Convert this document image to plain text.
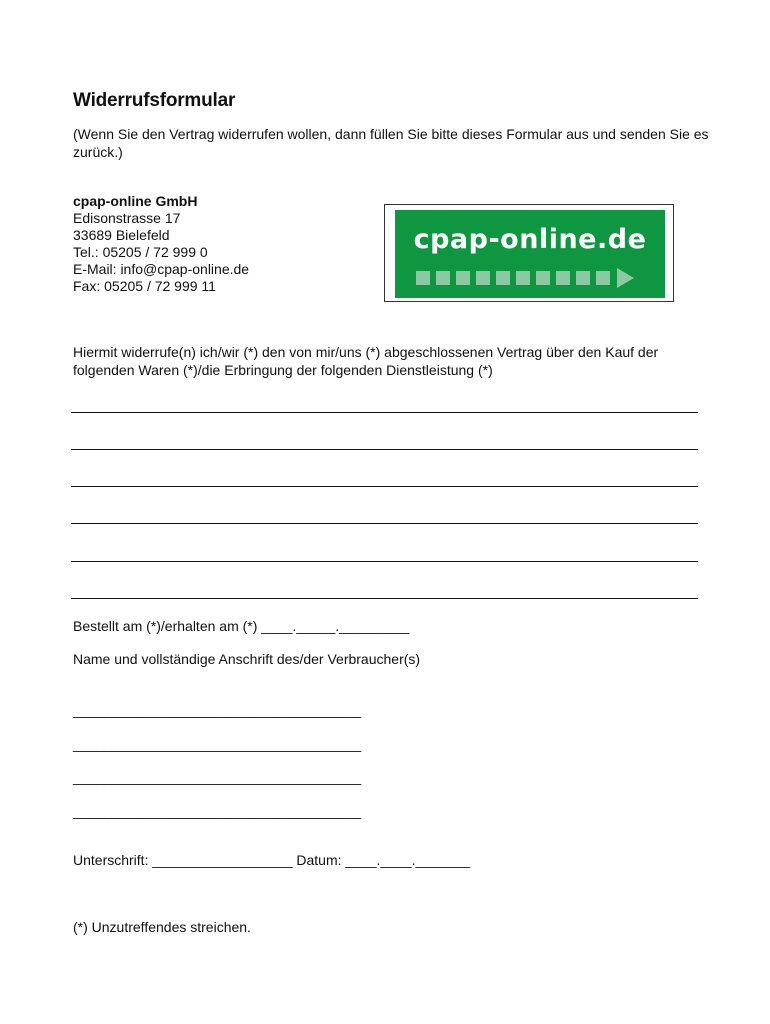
Widerrufsformular
(Wenn Sie den Vertrag widerrufen wollen, dann füllen Sie bitte dieses Formular aus und senden Sie es zurück.)
cpap-online GmbH
Edisonstrasse 17
33689 Bielefeld
Tel.: 05205 / 72 999 0
E-Mail: info@cpap-online.de
Fax: 05205 / 72 999 11
cpap-online.de
Hiermit widerrufe(n) ich/wir (*) den von mir/uns (*) abgeschlossenen Vertrag über den Kauf der folgenden Waren (*)/die Erbringung der folgenden Dienstleistung (*)
Bestellt am (*)/erhalten am (*) ____._____._________
Name und vollständige Anschrift des/der Verbraucher(s)
_____________________________________
_____________________________________
_____________________________________
_____________________________________
Unterschrift: __________________ Datum: ____.____._______
(*) Unzutreffendes streichen.
